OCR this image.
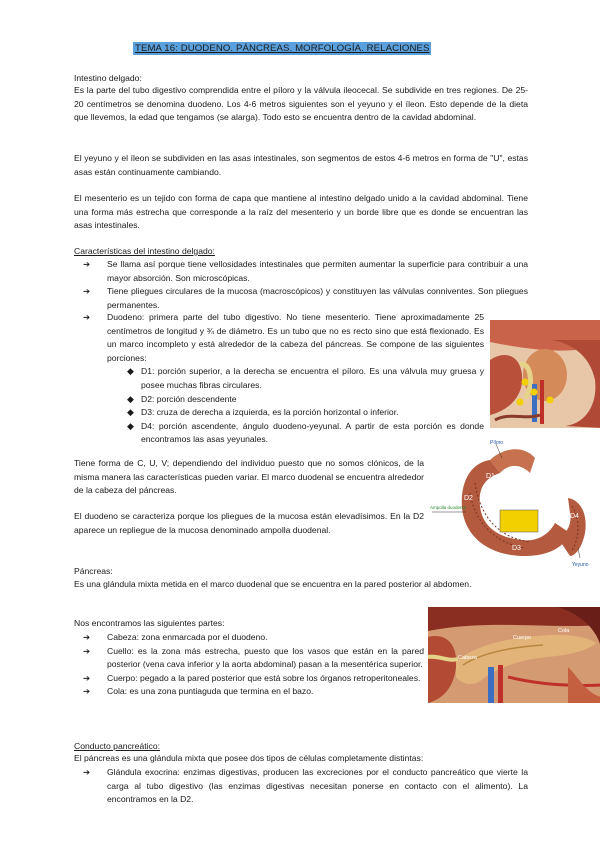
TEMA 16: DUODENO. PÁNCREAS. MORFOLOGÍA. RELACIONES
Intestino delgado:
Es la parte del tubo digestivo comprendida entre el píloro y la válvula ileocecal. Se subdivide en tres regiones. De 25-20 centímetros se denomina duodeno. Los 4-6 metros siguientes son el yeyuno y el íleon. Esto depende de la dieta que llevemos, la edad que tengamos (se alarga). Todo esto se encuentra dentro de la cavidad abdominal.
El yeyuno y el íleon se subdividen en las asas intestinales, son segmentos de estos 4-6 metros en forma de "U", estas asas están continuamente cambiando.
El mesenterio es un tejido con forma de capa que mantiene al intestino delgado unido a la cavidad abdominal. Tiene una forma más estrecha que corresponde a la raíz del mesenterio y un borde libre que es donde se encuentran las asas intestinales.
Características del intestino delgado:
➔ Se llama así porque tiene vellosidades intestinales que permiten aumentar la superficie para contribuir a una mayor absorción. Son microscópicas.
➔ Tiene pliegues circulares de la mucosa (macroscópicos) y constituyen las válvulas conniventes. Son pliegues permanentes.
➔ Duodeno: primera parte del tubo digestivo. No tiene mesenterio. Tiene aproximadamente 25 centímetros de longitud y ¾ de diámetro. Es un tubo que no es recto sino que está flexionado. Es un marco incompleto y está alrededor de la cabeza del páncreas. Se compone de las siguientes porciones:
◆ D1: porción superior, a la derecha se encuentra el píloro. Es una válvula muy gruesa y posee muchas fibras circulares.
◆ D2: porción descendente
◆ D3: cruza de derecha a izquierda, es la porción horizontal o inferior.
◆ D4: porción ascendente, ángulo duodeno-yeyunal. A partir de esta porción es donde encontramos las asas yeyunales.
Tiene forma de C, U, V; dependiendo del individuo puesto que no somos clónicos, de la misma manera las características pueden variar. El marco duodenal se encuentra alrededor de la cabeza del páncreas.
El duodeno se caracteriza porque los pliegues de la mucosa están elevadísimos. En la D2 aparece un repliegue de la mucosa denominado ampolla duodenal.
Páncreas:
Es una glándula mixta metida en el marco duodenal que se encuentra en la pared posterior al abdomen.
Nos encontramos las siguientes partes:
➔ Cabeza: zona enmarcada por el duodeno.
➔ Cuello: es la zona más estrecha, puesto que los vasos que están en la pared posterior (vena cava inferior y la aorta abdominal) pasan a la mesentérica superior.
➔ Cuerpo: pegado a la pared posterior que está sobre los órganos retroperitoneales.
➔ Cola: es una zona puntiaguda que termina en el bazo.
Conducto pancreático:
El páncreas es una glándula mixta que posee dos tipos de células completamente distintas:
➔ Glándula exocrina: enzimas digestivas, producen las excreciones por el conducto pancreático que vierte la carga al tubo digestivo (las enzimas digestivas necesitan ponerse en contacto con el alimento). La encontramos en la D2.
D1
D2
D3
D4
Píloro
Ampolla duodenal
Yeyuno
Cola
Cuerpo
Cabeza
